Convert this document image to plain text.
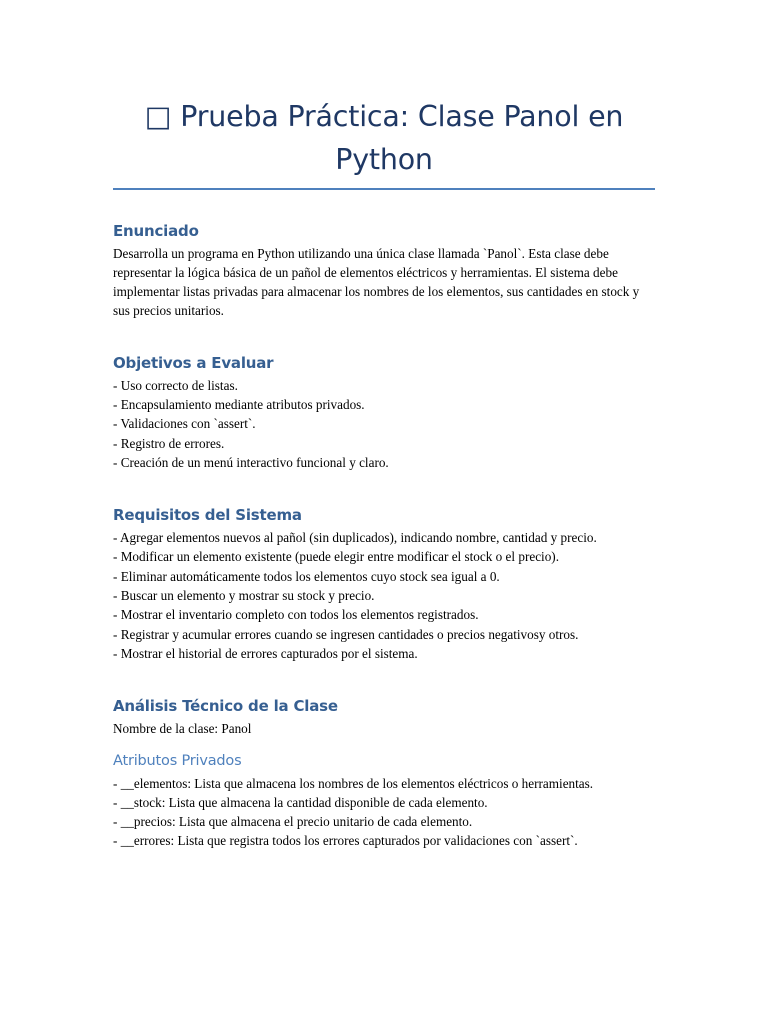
□ Prueba Práctica: Clase Panol en Python
Enunciado

Desarrolla un programa en Python utilizando una única clase llamada `Panol`. Esta clase debe representar la lógica básica de un pañol de elementos eléctricos y herramientas. El sistema debe implementar listas privadas para almacenar los nombres de los elementos, sus cantidades en stock y sus precios unitarios.

Objetivos a Evaluar
- Uso correcto de listas.
- Encapsulamiento mediante atributos privados.
- Validaciones con `assert`.
- Registro de errores.
- Creación de un menú interactivo funcional y claro.
Requisitos del Sistema
- Agregar elementos nuevos al pañol (sin duplicados), indicando nombre, cantidad y precio.
- Modificar un elemento existente (puede elegir entre modificar el stock o el precio).
- Eliminar automáticamente todos los elementos cuyo stock sea igual a 0.
- Buscar un elemento y mostrar su stock y precio.
- Mostrar el inventario completo con todos los elementos registrados.
- Registrar y acumular errores cuando se ingresen cantidades o precios negativosy otros.
- Mostrar el historial de errores capturados por el sistema.
Análisis Técnico de la Clase
Nombre de la clase: Panol
Atributos Privados
- __elementos: Lista que almacena los nombres de los elementos eléctricos o herramientas.
- __stock: Lista que almacena la cantidad disponible de cada elemento.
- __precios: Lista que almacena el precio unitario de cada elemento.
- __errores: Lista que registra todos los errores capturados por validaciones con `assert`.
